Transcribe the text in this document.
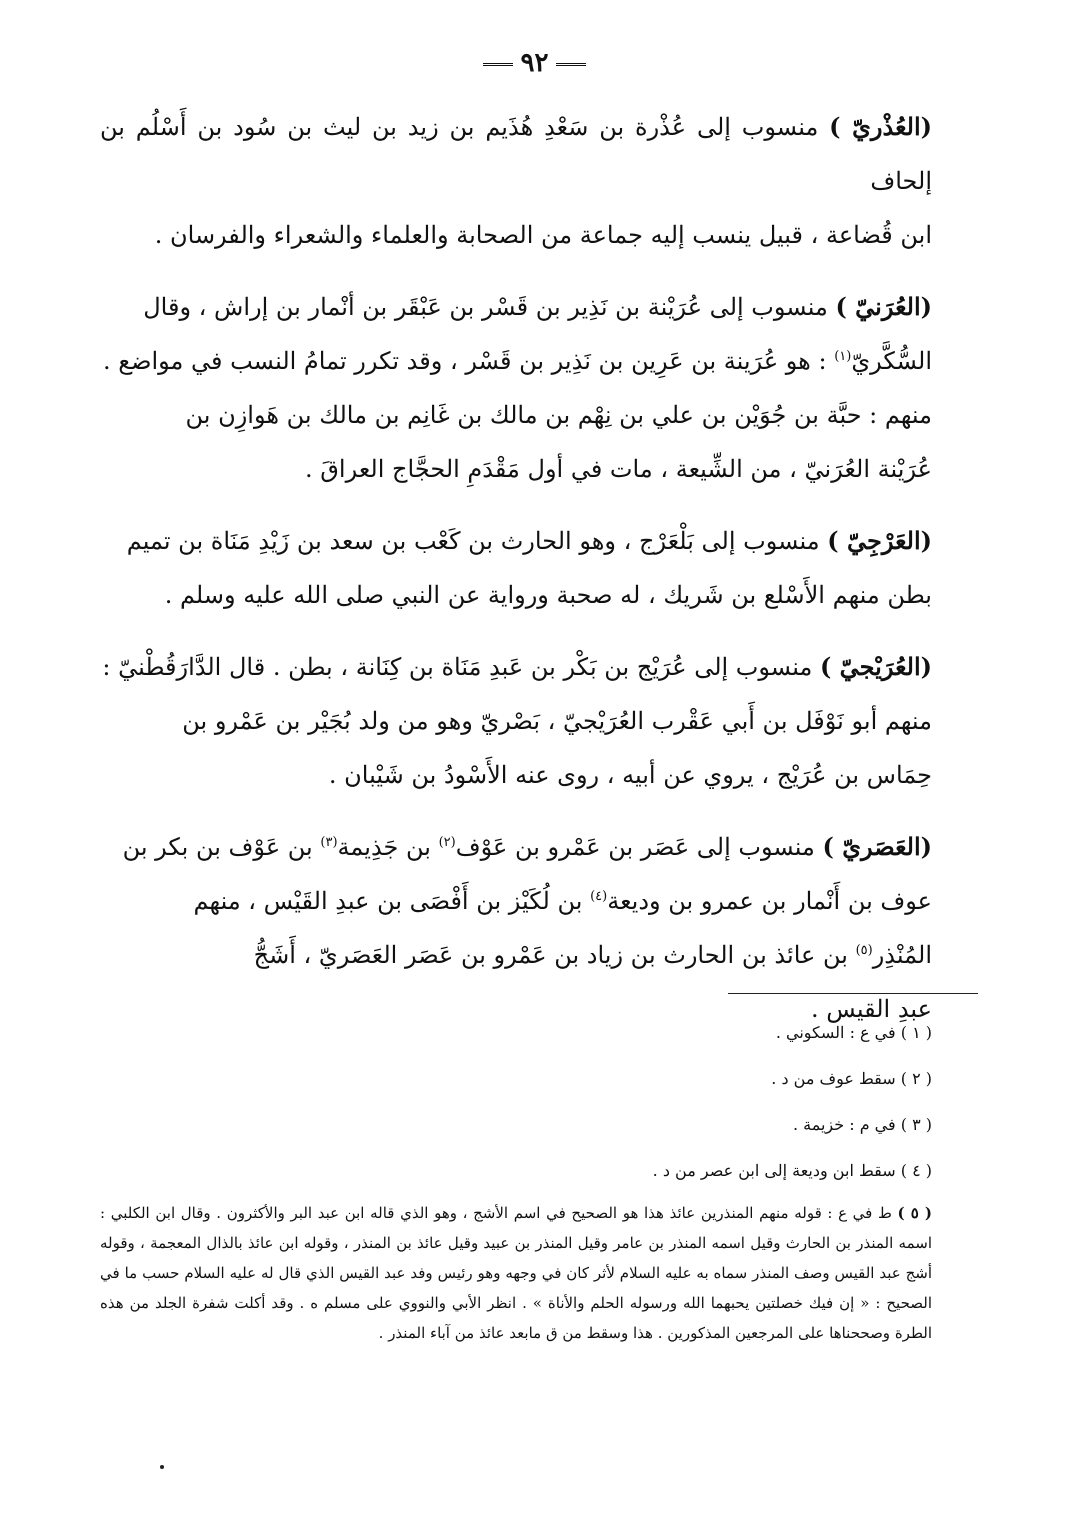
٩٢

(العُذْريّ ) منسوب إلى عُذْرة بن سَعْدِ هُذَيم بن زيد بن ليث بن سُود بن أَسْلُم بن إلحاف

ابن قُضاعة ، قبيل ينسب إليه جماعة من الصحابة والعلماء والشعراء والفرسان .

(العُرَنيّ ) منسوب إلى عُرَيْنة بن نَذِير بن قَسْر بن عَبْقَر بن أنْمار بن إراش ، وقال

السُّكَّريّ$^{(١)}$ : هو عُرَينة بن عَرِين بن نَذِير بن قَسْر ، وقد تكرر تمامُ النسب في مواضع .

منهم : حبَّة بن جُوَيْن بن علي بن نِهْم بن مالك بن غَانِم بن مالك بن هَوازِن بن

عُرَيْنة العُرَنيّ ، من الشِّيعة ، مات في أول مَقْدَمِ الحجَّاج العراقَ .

(العَرْجِيّ ) منسوب إلى بَلْعَرْج ، وهو الحارث بن كَعْب بن سعد بن زَيْدِ مَنَاة بن تميم

بطن منهم الأَسْلع بن شَريك ، له صحبة ورواية عن النبي صلى الله عليه وسلم .

(العُرَيْجيّ ) منسوب إلى عُرَيْج بن بَكْر بن عَبدِ مَنَاة بن كِنَانة ، بطن . قال الدَّارَقُطْنيّ :

منهم أبو نَوْفَل بن أَبي عَقْرب العُرَيْجيّ ، بَصْريّ وهو من ولد بُجَيْر بن عَمْرو بن

حِمَاس بن عُرَيْج ، يروي عن أبيه ، روى عنه الأَسْودُ بن شَيْبان .

(العَصَريّ ) منسوب إلى عَصَر بن عَمْرو بن عَوْف$^{(٢)}$ بن جَذِيمة$^{(٣)}$ بن عَوْف بن بكر بن

عوف بن أَنْمار بن عمرو بن وديعة$^{(٤)}$ بن لُكَيْز بن أَفْصَى بن عبدِ القَيْس ، منهم

المُنْذِر$^{(٥)}$ بن عائذ بن الحارث بن زياد بن عَمْرو بن عَصَر العَصَريّ ، أَشَجُّ

عبدِ القيس .

( ١ ) في ع : السكوني .

( ٢ ) سقط عوف من د .

( ٣ ) في م : خزيمة .

( ٤ ) سقط ابن وديعة إلى ابن عصر من د .

( ٥ ) ط في ع : قوله منهم المنذرين عائذ هذا هو الصحيح في اسم الأشج ، وهو الذي قاله ابن عبد البر والأكثرون . وقال ابن الكلبي : اسمه المنذر بن الحارث وقيل اسمه المنذر بن عامر وقيل المنذر بن عبيد وقيل عائذ بن المنذر ، وقوله ابن عائذ بالذال المعجمة ، وقوله أشج عبد القيس وصف المنذر سماه به عليه السلام لأثر كان في وجهه وهو رئيس وفد عبد القيس الذي قال له عليه السلام حسب ما في الصحيح : « إن فيك خصلتين يحبهما الله ورسوله الحلم والأناة » . انظر الأبي والنووي على مسلم ه . وقد أكلت شفرة الجلد من هذه الطرة وصححناها على المرجعين المذكورين . هذا وسقط من ق مابعد عائذ من آباء المنذر .
